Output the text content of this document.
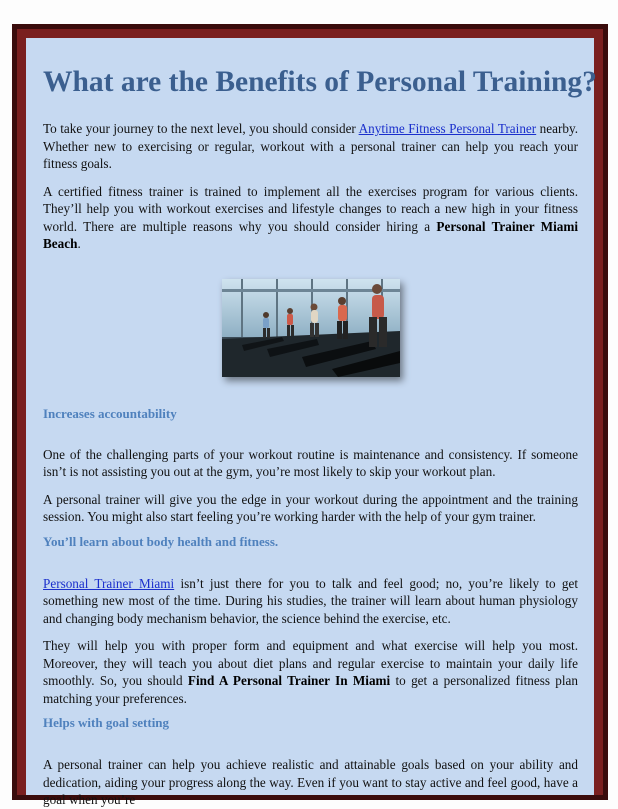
What are the Benefits of Personal Training?

To take your journey to the next level, you should consider Anytime Fitness Personal Trainer nearby. Whether new to exercising or regular, workout with a personal trainer can help you reach your fitness goals.

A certified fitness trainer is trained to implement all the exercises program for various clients. They’ll help you with workout exercises and lifestyle changes to reach a new high in your fitness world. There are multiple reasons why you should consider hiring a Personal Trainer Miami Beach.

Increases accountability

One of the challenging parts of your workout routine is maintenance and consistency. If someone isn’t is not assisting you out at the gym, you’re most likely to skip your workout plan.

A personal trainer will give you the edge in your workout during the appointment and the training session. You might also start feeling you’re working harder with the help of your gym trainer.

You’ll learn about body health and fitness.

Personal Trainer Miami isn’t just there for you to talk and feel good; no, you’re likely to get something new most of the time. During his studies, the trainer will learn about human physiology and changing body mechanism behavior, the science behind the exercise, etc.

They will help you with proper form and equipment and what exercise will help you most. Moreover, they will teach you about diet plans and regular exercise to maintain your daily life smoothly. So, you should Find A Personal Trainer In Miami to get a personalized fitness plan matching your preferences.

Helps with goal setting

A personal trainer can help you achieve realistic and attainable goals based on your ability and dedication, aiding your progress along the way. Even if you want to stay active and feel good, have a goal when you’re
